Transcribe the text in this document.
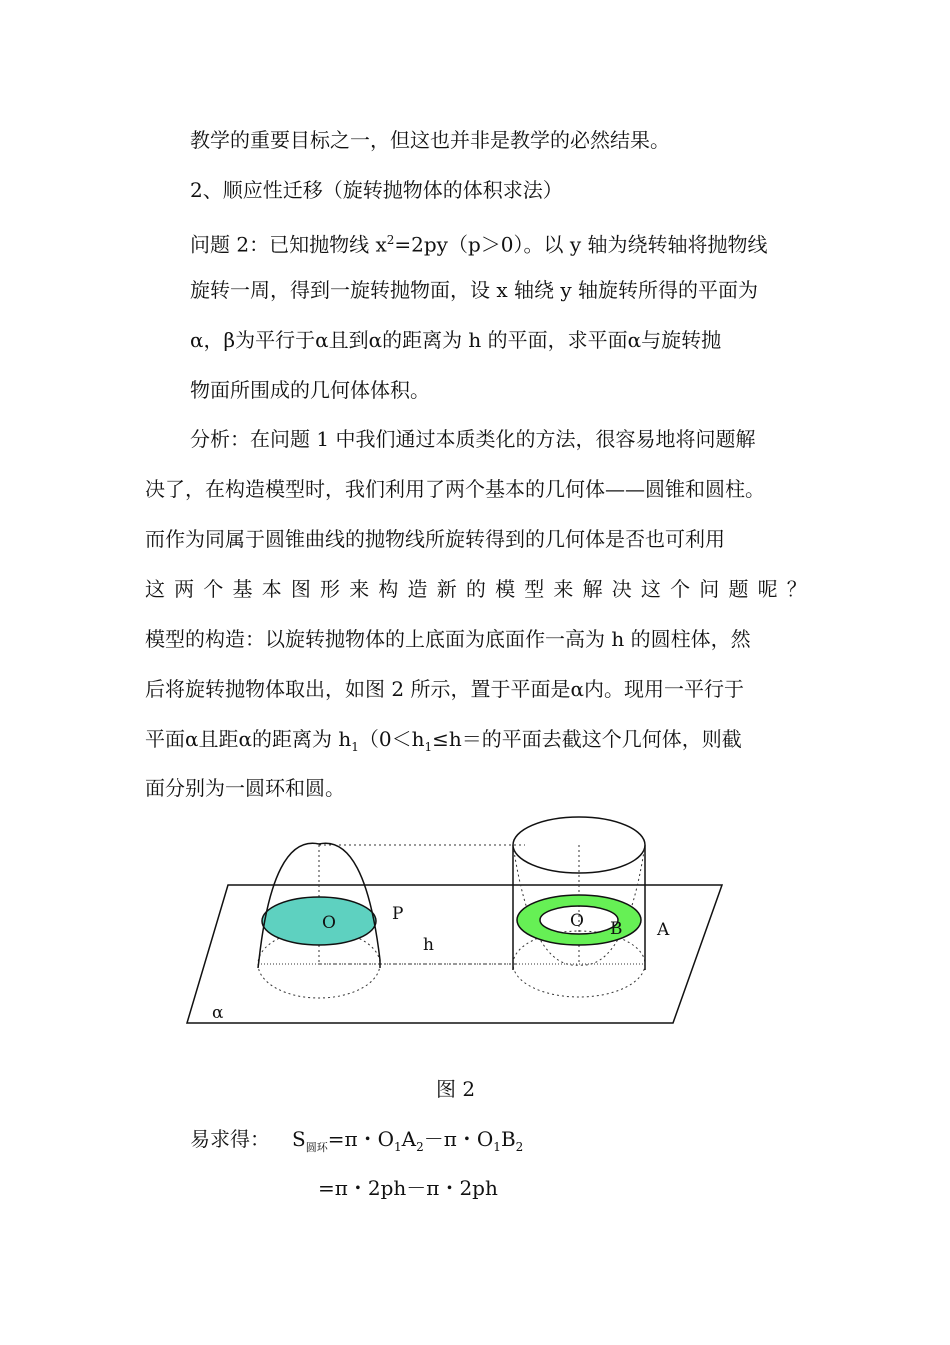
教学的重要目标之一，但这也并非是教学的必然结果。
2、顺应性迁移（旋转抛物体的体积求法）
问题 2：已知抛物线 $x^2=2py(p>0)$。以 y 轴为绕转轴将抛物线
旋转一周，得到一旋转抛物面，设 x 轴绕 y 轴旋转所得的平面为
α，β为平行于α且到α的距离为 h 的平面，求平面α与旋转抛
物面所围成的几何体体积。
分析：在问题 1 中我们通过本质类化的方法，很容易地将问题解
决了，在构造模型时，我们利用了两个基本的几何体——圆锥和圆柱。
而作为同属于圆锥曲线的抛物线所旋转得到的几何体是否也可利用
这 两 个 基 本 图 形 来 构 造 新 的 模 型 来 解 决 这 个 问 题 呢 ？
模型的构造：以旋转抛物体的上底面为底面作一高为 h 的圆柱体，然
后将旋转抛物体取出，如图 2 所示，置于平面是α内。现用一平行于
平面α且距α的距离为 $h_1(0<h_1\le h=$的平面去截这个几何体，则截
面分别为一圆环和圆。
O	P
h
O B A
α
图 2
易求得： $S_{圆环}=\pi$・$O_1A_2-\pi$・$O_1B_2$
=π・2ph－π・2ph
